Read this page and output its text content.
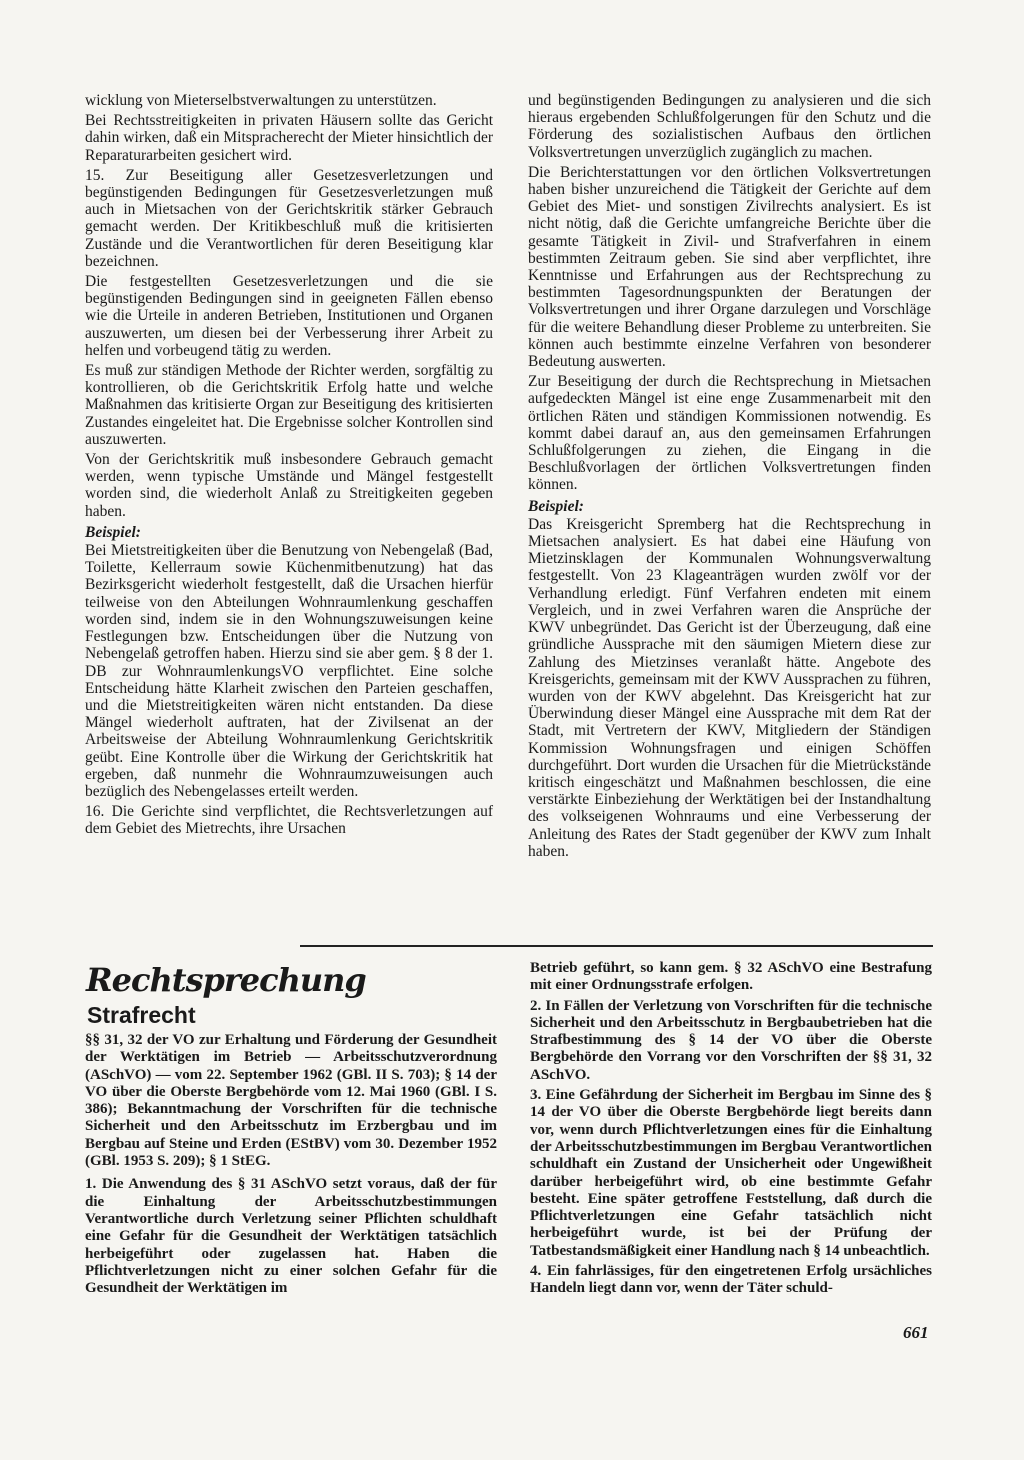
wicklung von Mieterselbstverwaltungen zu unterstützen.

Bei Rechtsstreitigkeiten in privaten Häusern sollte das Gericht dahin wirken, daß ein Mitspracherecht der Mieter hinsichtlich der Reparaturarbeiten gesichert wird.

15. Zur Beseitigung aller Gesetzesverletzungen und begünstigenden Bedingungen für Gesetzesverletzungen muß auch in Mietsachen von der Gerichtskritik stärker Gebrauch gemacht werden. Der Kritikbeschluß muß die kritisierten Zustände und die Verantwortlichen für deren Beseitigung klar bezeichnen.

Die festgestellten Gesetzesverletzungen und die sie begünstigenden Bedingungen sind in geeigneten Fällen ebenso wie die Urteile in anderen Betrieben, Institutionen und Organen auszuwerten, um diesen bei der Verbesserung ihrer Arbeit zu helfen und vorbeugend tätig zu werden.

Es muß zur ständigen Methode der Richter werden, sorgfältig zu kontrollieren, ob die Gerichtskritik Erfolg hatte und welche Maßnahmen das kritisierte Organ zur Beseitigung des kritisierten Zustandes eingeleitet hat. Die Ergebnisse solcher Kontrollen sind auszuwerten.

Von der Gerichtskritik muß insbesondere Gebrauch gemacht werden, wenn typische Umstände und Mängel festgestellt worden sind, die wiederholt Anlaß zu Streitigkeiten gegeben haben.

Beispiel:

Bei Mietstreitigkeiten über die Benutzung von Nebengelaß (Bad, Toilette, Kellerraum sowie Küchenmitbenutzung) hat das Bezirksgericht wiederholt festgestellt, daß die Ursachen hierfür teilweise von den Abteilungen Wohnraumlenkung geschaffen worden sind, indem sie in den Wohnungszuweisungen keine Festlegungen bzw. Entscheidungen über die Nutzung von Nebengelaß getroffen haben. Hierzu sind sie aber gem. § 8 der 1. DB zur WohnraumlenkungsVO verpflichtet. Eine solche Entscheidung hätte Klarheit zwischen den Parteien geschaffen, und die Mietstreitigkeiten wären nicht entstanden. Da diese Mängel wiederholt auftraten, hat der Zivilsenat an der Arbeitsweise der Abteilung Wohnraumlenkung Gerichtskritik geübt. Eine Kontrolle über die Wirkung der Gerichtskritik hat ergeben, daß nunmehr die Wohnraumzuweisungen auch bezüglich des Nebengelasses erteilt werden.

16. Die Gerichte sind verpflichtet, die Rechtsverletzungen auf dem Gebiet des Mietrechts, ihre Ursachen

und begünstigenden Bedingungen zu analysieren und die sich hieraus ergebenden Schlußfolgerungen für den Schutz und die Förderung des sozialistischen Aufbaus den örtlichen Volksvertretungen unverzüglich zugänglich zu machen.

Die Berichterstattungen vor den örtlichen Volksvertretungen haben bisher unzureichend die Tätigkeit der Gerichte auf dem Gebiet des Miet- und sonstigen Zivilrechts analysiert. Es ist nicht nötig, daß die Gerichte umfangreiche Berichte über die gesamte Tätigkeit in Zivil- und Strafverfahren in einem bestimmten Zeitraum geben. Sie sind aber verpflichtet, ihre Kenntnisse und Erfahrungen aus der Rechtsprechung zu bestimmten Tagesordnungspunkten der Beratungen der Volksvertretungen und ihrer Organe darzulegen und Vorschläge für die weitere Behandlung dieser Probleme zu unterbreiten. Sie können auch bestimmte einzelne Verfahren von besonderer Bedeutung auswerten.

Zur Beseitigung der durch die Rechtsprechung in Mietsachen aufgedeckten Mängel ist eine enge Zusammenarbeit mit den örtlichen Räten und ständigen Kommissionen notwendig. Es kommt dabei darauf an, aus den gemeinsamen Erfahrungen Schlußfolgerungen zu ziehen, die Eingang in die Beschlußvorlagen der örtlichen Volksvertretungen finden können.

Beispiel:

Das Kreisgericht Spremberg hat die Rechtsprechung in Mietsachen analysiert. Es hat dabei eine Häufung von Mietzinsklagen der Kommunalen Wohnungsverwaltung festgestellt. Von 23 Klageanträgen wurden zwölf vor der Verhandlung erledigt. Fünf Verfahren endeten mit einem Vergleich, und in zwei Verfahren waren die Ansprüche der KWV unbegründet. Das Gericht ist der Überzeugung, daß eine gründliche Aussprache mit den säumigen Mietern diese zur Zahlung des Mietzinses veranlaßt hätte. Angebote des Kreisgerichts, gemeinsam mit der KWV Aussprachen zu führen, wurden von der KWV abgelehnt. Das Kreisgericht hat zur Überwindung dieser Mängel eine Aussprache mit dem Rat der Stadt, mit Vertretern der KWV, Mitgliedern der Ständigen Kommission Wohnungsfragen und einigen Schöffen durchgeführt. Dort wurden die Ursachen für die Mietrückstände kritisch eingeschätzt und Maßnahmen beschlossen, die eine verstärkte Einbeziehung der Werktätigen bei der Instandhaltung des volkseigenen Wohnraums und eine Verbesserung der Anleitung des Rates der Stadt gegenüber der KWV zum Inhalt haben.

Rechtsprechung
Strafrecht

§§ 31, 32 der VO zur Erhaltung und Förderung der Gesundheit der Werktätigen im Betrieb — Arbeitsschutzverordnung (ASchVO) — vom 22. September 1962 (GBl. II S. 703); § 14 der VO über die Oberste Bergbehörde vom 12. Mai 1960 (GBl. I S. 386); Bekanntmachung der Vorschriften für die technische Sicherheit und den Arbeitsschutz im Erzbergbau und im Bergbau auf Steine und Erden (EStBV) vom 30. Dezember 1952 (GBl. 1953 S. 209); § 1 StEG.

1. Die Anwendung des § 31 ASchVO setzt voraus, daß der für die Einhaltung der Arbeitsschutzbestimmungen Verantwortliche durch Verletzung seiner Pflichten schuldhaft eine Gefahr für die Gesundheit der Werktätigen tatsächlich herbeigeführt oder zugelassen hat. Haben die Pflichtverletzungen nicht zu einer solchen Gefahr für die Gesundheit der Werktätigen im

Betrieb geführt, so kann gem. § 32 ASchVO eine Bestrafung mit einer Ordnungsstrafe erfolgen.

2. In Fällen der Verletzung von Vorschriften für die technische Sicherheit und den Arbeitsschutz in Bergbaubetrieben hat die Strafbestimmung des § 14 der VO über die Oberste Bergbehörde den Vorrang vor den Vorschriften der §§ 31, 32 ASchVO.

3. Eine Gefährdung der Sicherheit im Bergbau im Sinne des § 14 der VO über die Oberste Bergbehörde liegt bereits dann vor, wenn durch Pflichtverletzungen eines für die Einhaltung der Arbeitsschutzbestimmungen im Bergbau Verantwortlichen schuldhaft ein Zustand der Unsicherheit oder Ungewißheit darüber herbeigeführt wird, ob eine bestimmte Gefahr besteht. Eine später getroffene Feststellung, daß durch die Pflichtverletzungen eine Gefahr tatsächlich nicht herbeigeführt wurde, ist bei der Prüfung der Tatbestandsmäßigkeit einer Handlung nach § 14 unbeachtlich.

4. Ein fahrlässiges, für den eingetretenen Erfolg ursächliches Handeln liegt dann vor, wenn der Täter schuld-

661
